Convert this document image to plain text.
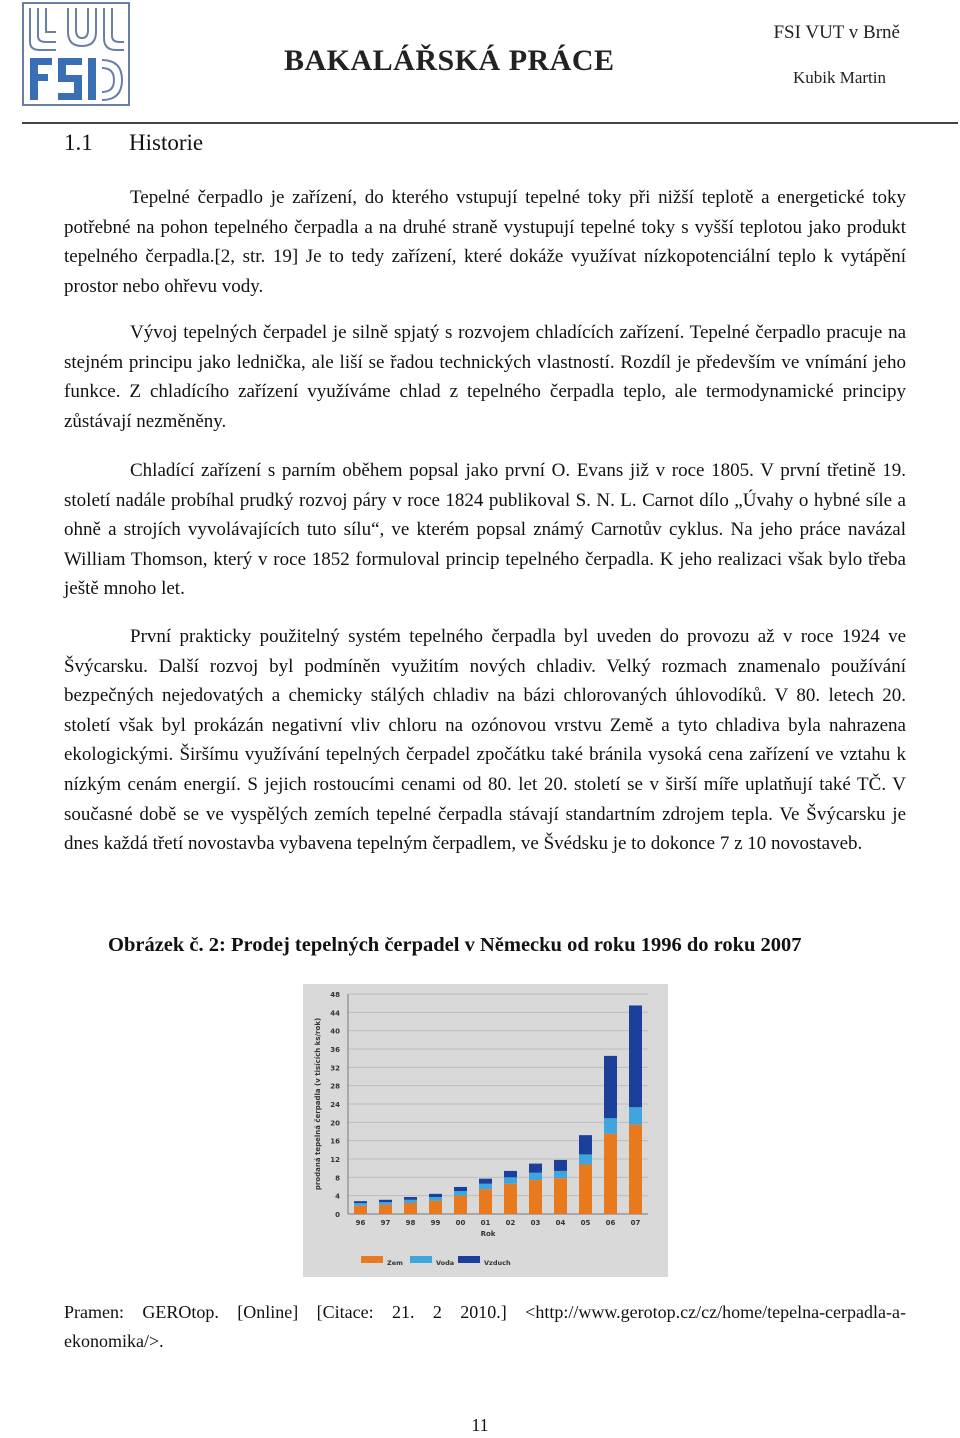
BAKALÁŘSKÁ PRÁCE
FSI VUT v Brně
Kubik Martin
1.1 Historie

Tepelné čerpadlo je zařízení, do kterého vstupují tepelné toky při nižší teplotě a energetické toky potřebné na pohon tepelného čerpadla a na druhé straně vystupují tepelné toky s vyšší teplotou jako produkt tepelného čerpadla.[2, str. 19] Je to tedy zařízení, které dokáže využívat nízkopotenciální teplo k vytápění prostor nebo ohřevu vody.

Vývoj tepelných čerpadel je silně spjatý s rozvojem chladících zařízení. Tepelné čerpadlo pracuje na stejném principu jako lednička, ale liší se řadou technických vlastností. Rozdíl je především ve vnímání jeho funkce. Z chladícího zařízení využíváme chlad z tepelného čerpadla teplo, ale termodynamické principy zůstávají nezměněny.

Chladící zařízení s parním oběhem popsal jako první O. Evans již v roce 1805. V první třetině 19. století nadále probíhal prudký rozvoj páry v roce 1824 publikoval S. N. L. Carnot dílo „Úvahy o hybné síle a ohně a strojích vyvolávajících tuto sílu“, ve kterém popsal známý Carnotův cyklus. Na jeho práce navázal William Thomson, který v roce 1852 formuloval princip tepelného čerpadla. K jeho realizaci však bylo třeba ještě mnoho let.

První prakticky použitelný systém tepelného čerpadla byl uveden do provozu až v roce 1924 ve Švýcarsku. Další rozvoj byl podmíněn využitím nových chladiv. Velký rozmach znamenalo používání bezpečných nejedovatých a chemicky stálých chladiv na bázi chlorovaných úhlovodíků. V 80. letech 20. století však byl prokázán negativní vliv chloru na ozónovou vrstvu Země a tyto chladiva byla nahrazena ekologickými. Širšímu využívání tepelných čerpadel zpočátku také bránila vysoká cena zařízení ve vztahu k nízkým cenám energií. S jejich rostoucími cenami od 80. let 20. století se v širší míře uplatňují také TČ. V současné době se ve vyspělých zemích tepelné čerpadla stávají standartním zdrojem tepla. Ve Švýcarsku je dnes každá třetí novostavba vybavena tepelným čerpadlem, ve Švédsku je to dokonce 7 z 10 novostaveb.

Obrázek č. 2: Prodej tepelných čerpadel v Německu od roku 1996 do roku 2007
0
4
8
12
16
20
24
28
32
36
40
44
48
96 97 98 99 00 01 02 03 04 05 06 07
Rok
prodaná tepelná čerpadla (v tisících ks/rok)
Zem	Voda	Vzduch
Pramen: GEROtop. [Online] [Citace: 21. 2 2010.] <http://www.gerotop.cz/cz/home/tepelna-cerpadla-a-ekonomika/>.
11
